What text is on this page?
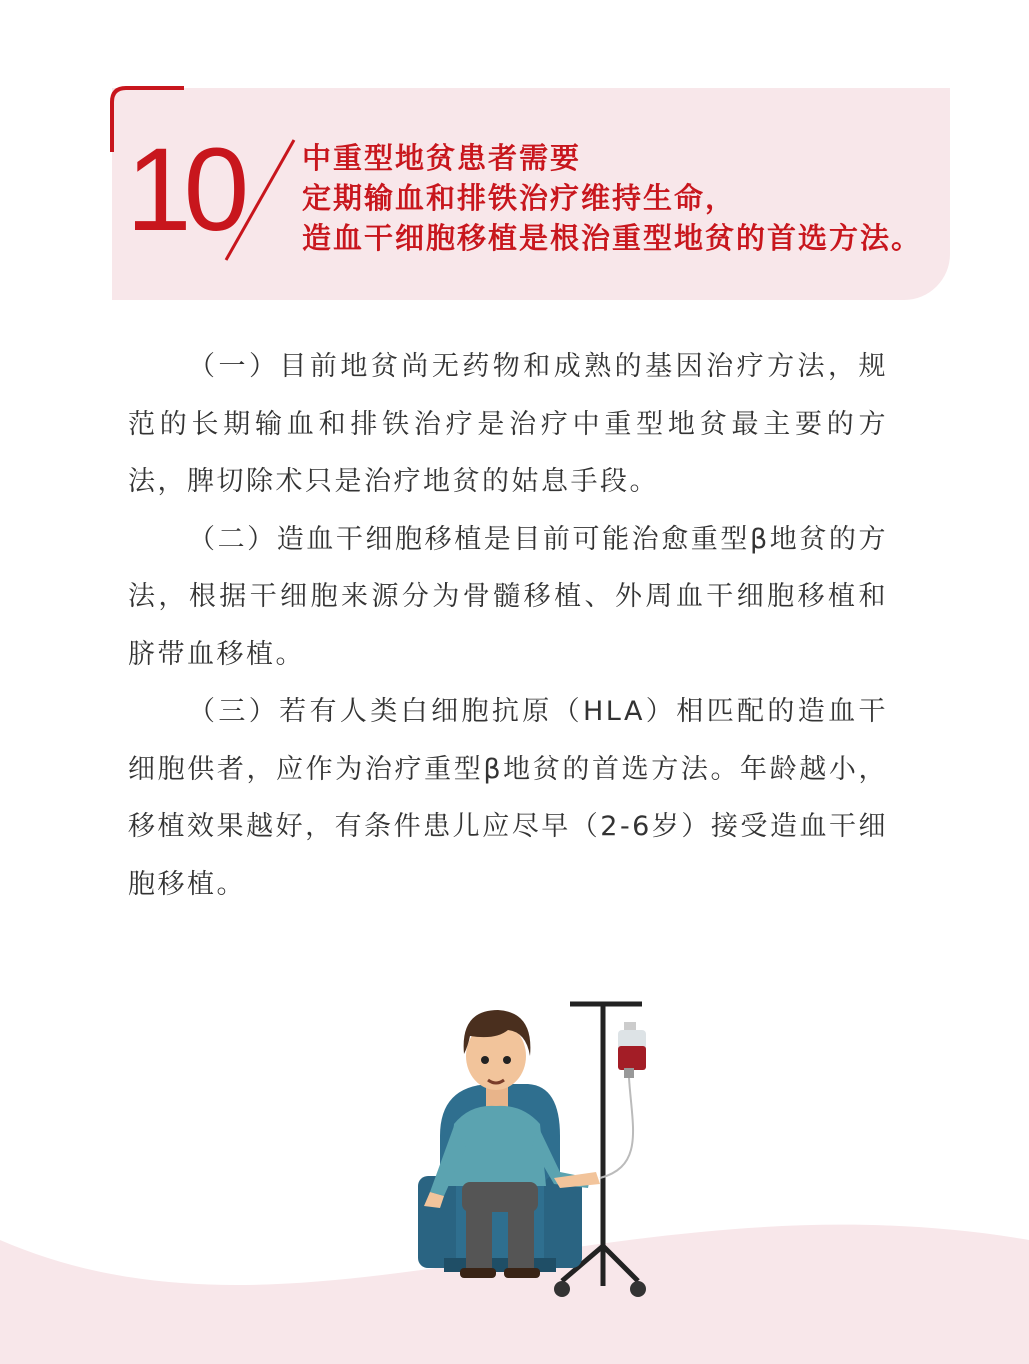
10 中重型地贫患者需要
定期输血和排铁治疗维持生命，
造血干细胞移植是根治重型地贫的首选方法。

（一）目前地贫尚无药物和成熟的基因治疗方法，规范的长期输血和排铁治疗是治疗中重型地贫最主要的方法，脾切除术只是治疗地贫的姑息手段。

（二）造血干细胞移植是目前可能治愈重型β地贫的方法，根据干细胞来源分为骨髓移植、外周血干细胞移植和脐带血移植。

（三）若有人类白细胞抗原（HLA）相匹配的造血干细胞供者，应作为治疗重型β地贫的首选方法。年龄越小，移植效果越好，有条件患儿应尽早（2-6岁）接受造血干细胞移植。
